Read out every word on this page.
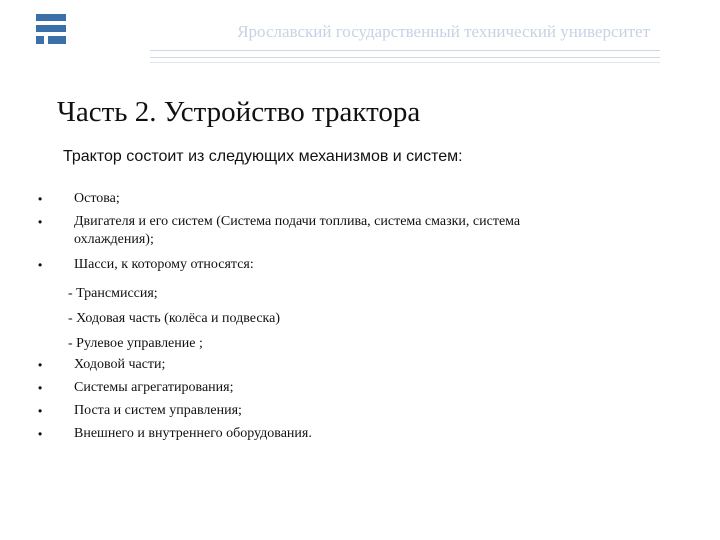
Ярославский государственный технический университет
Часть 2. Устройство трактора
Трактор состоит из следующих механизмов и систем:
•	Остова;
•	Двигателя и его систем (Система подачи топлива, система смазки, система охлаждения);
•	Шасси, к которому относятся:
- Трансмиссия;
- Ходовая часть (колёса и подвеска)
- Рулевое управление ;
•	Ходовой части;
•	Системы агрегатирования;
•	Поста и систем управления;
•	Внешнего и внутреннего оборудования.
